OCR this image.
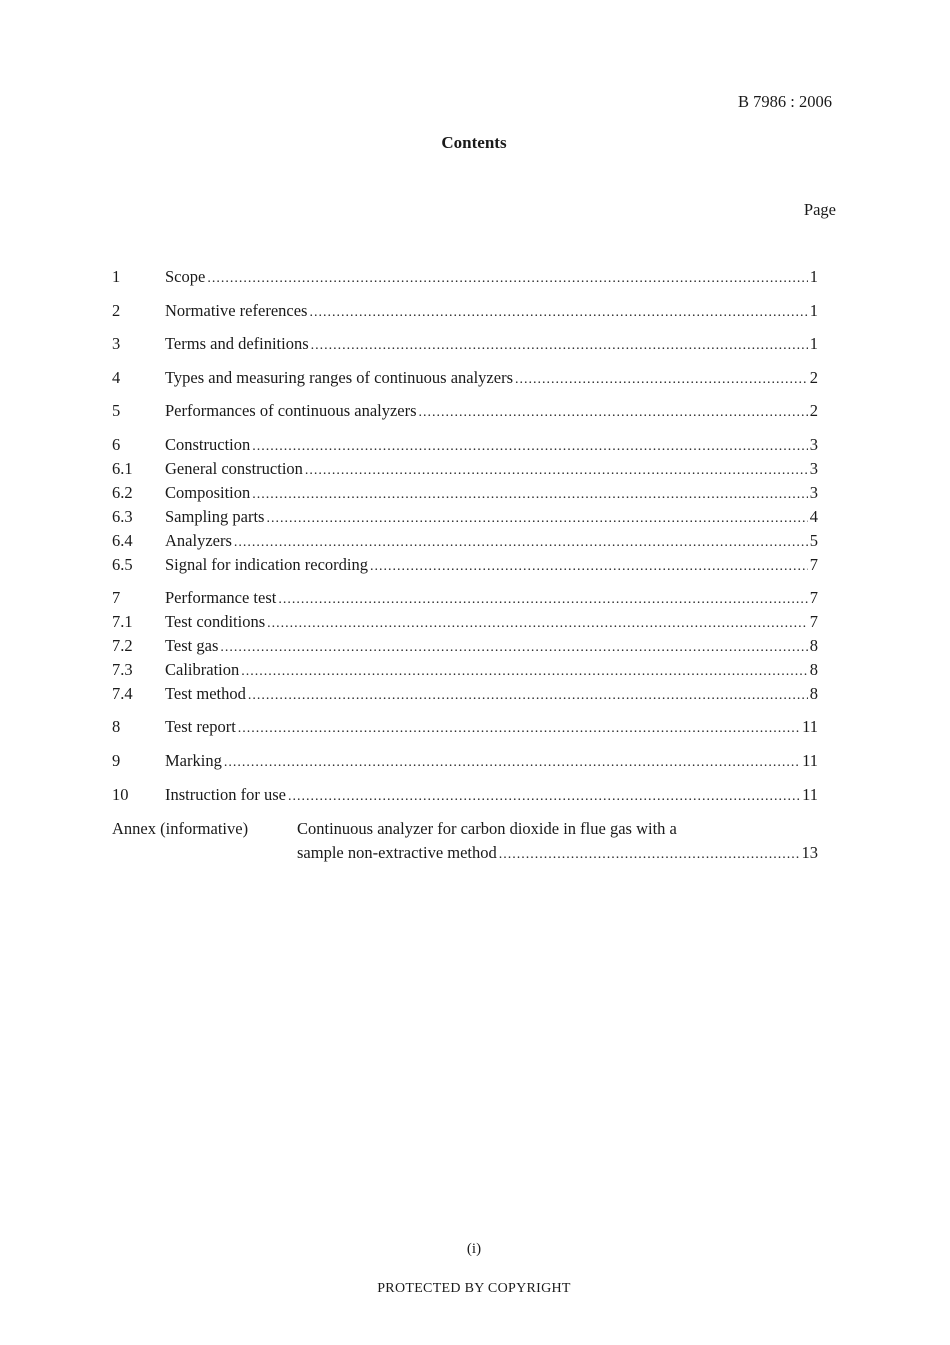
B 7986 : 2006
Contents
Page
1	Scope .....	1
2	Normative references .....	1
3	Terms and definitions .....	1
4	Types and measuring ranges of continuous analyzers .....	2
5	Performances of continuous analyzers .....	2
6	Construction .....	3
6.1 General construction .....	3
6.2 Composition .....	3
6.3 Sampling parts .....	4
6.4 Analyzers .....	5
6.5 Signal for indication recording .....	7
7	Performance test .....	7
7.1 Test conditions .....	7
7.2 Test gas .....	8
7.3 Calibration .....	8
7.4 Test method .....	8
8	Test report .....	11
9	Marking .....	11
10 Instruction for use .....	11
Annex (informative)	Continuous analyzer for carbon dioxide in flue gas with a
sample non-extractive method .....	13
(i)
PROTECTED BY COPYRIGHT
